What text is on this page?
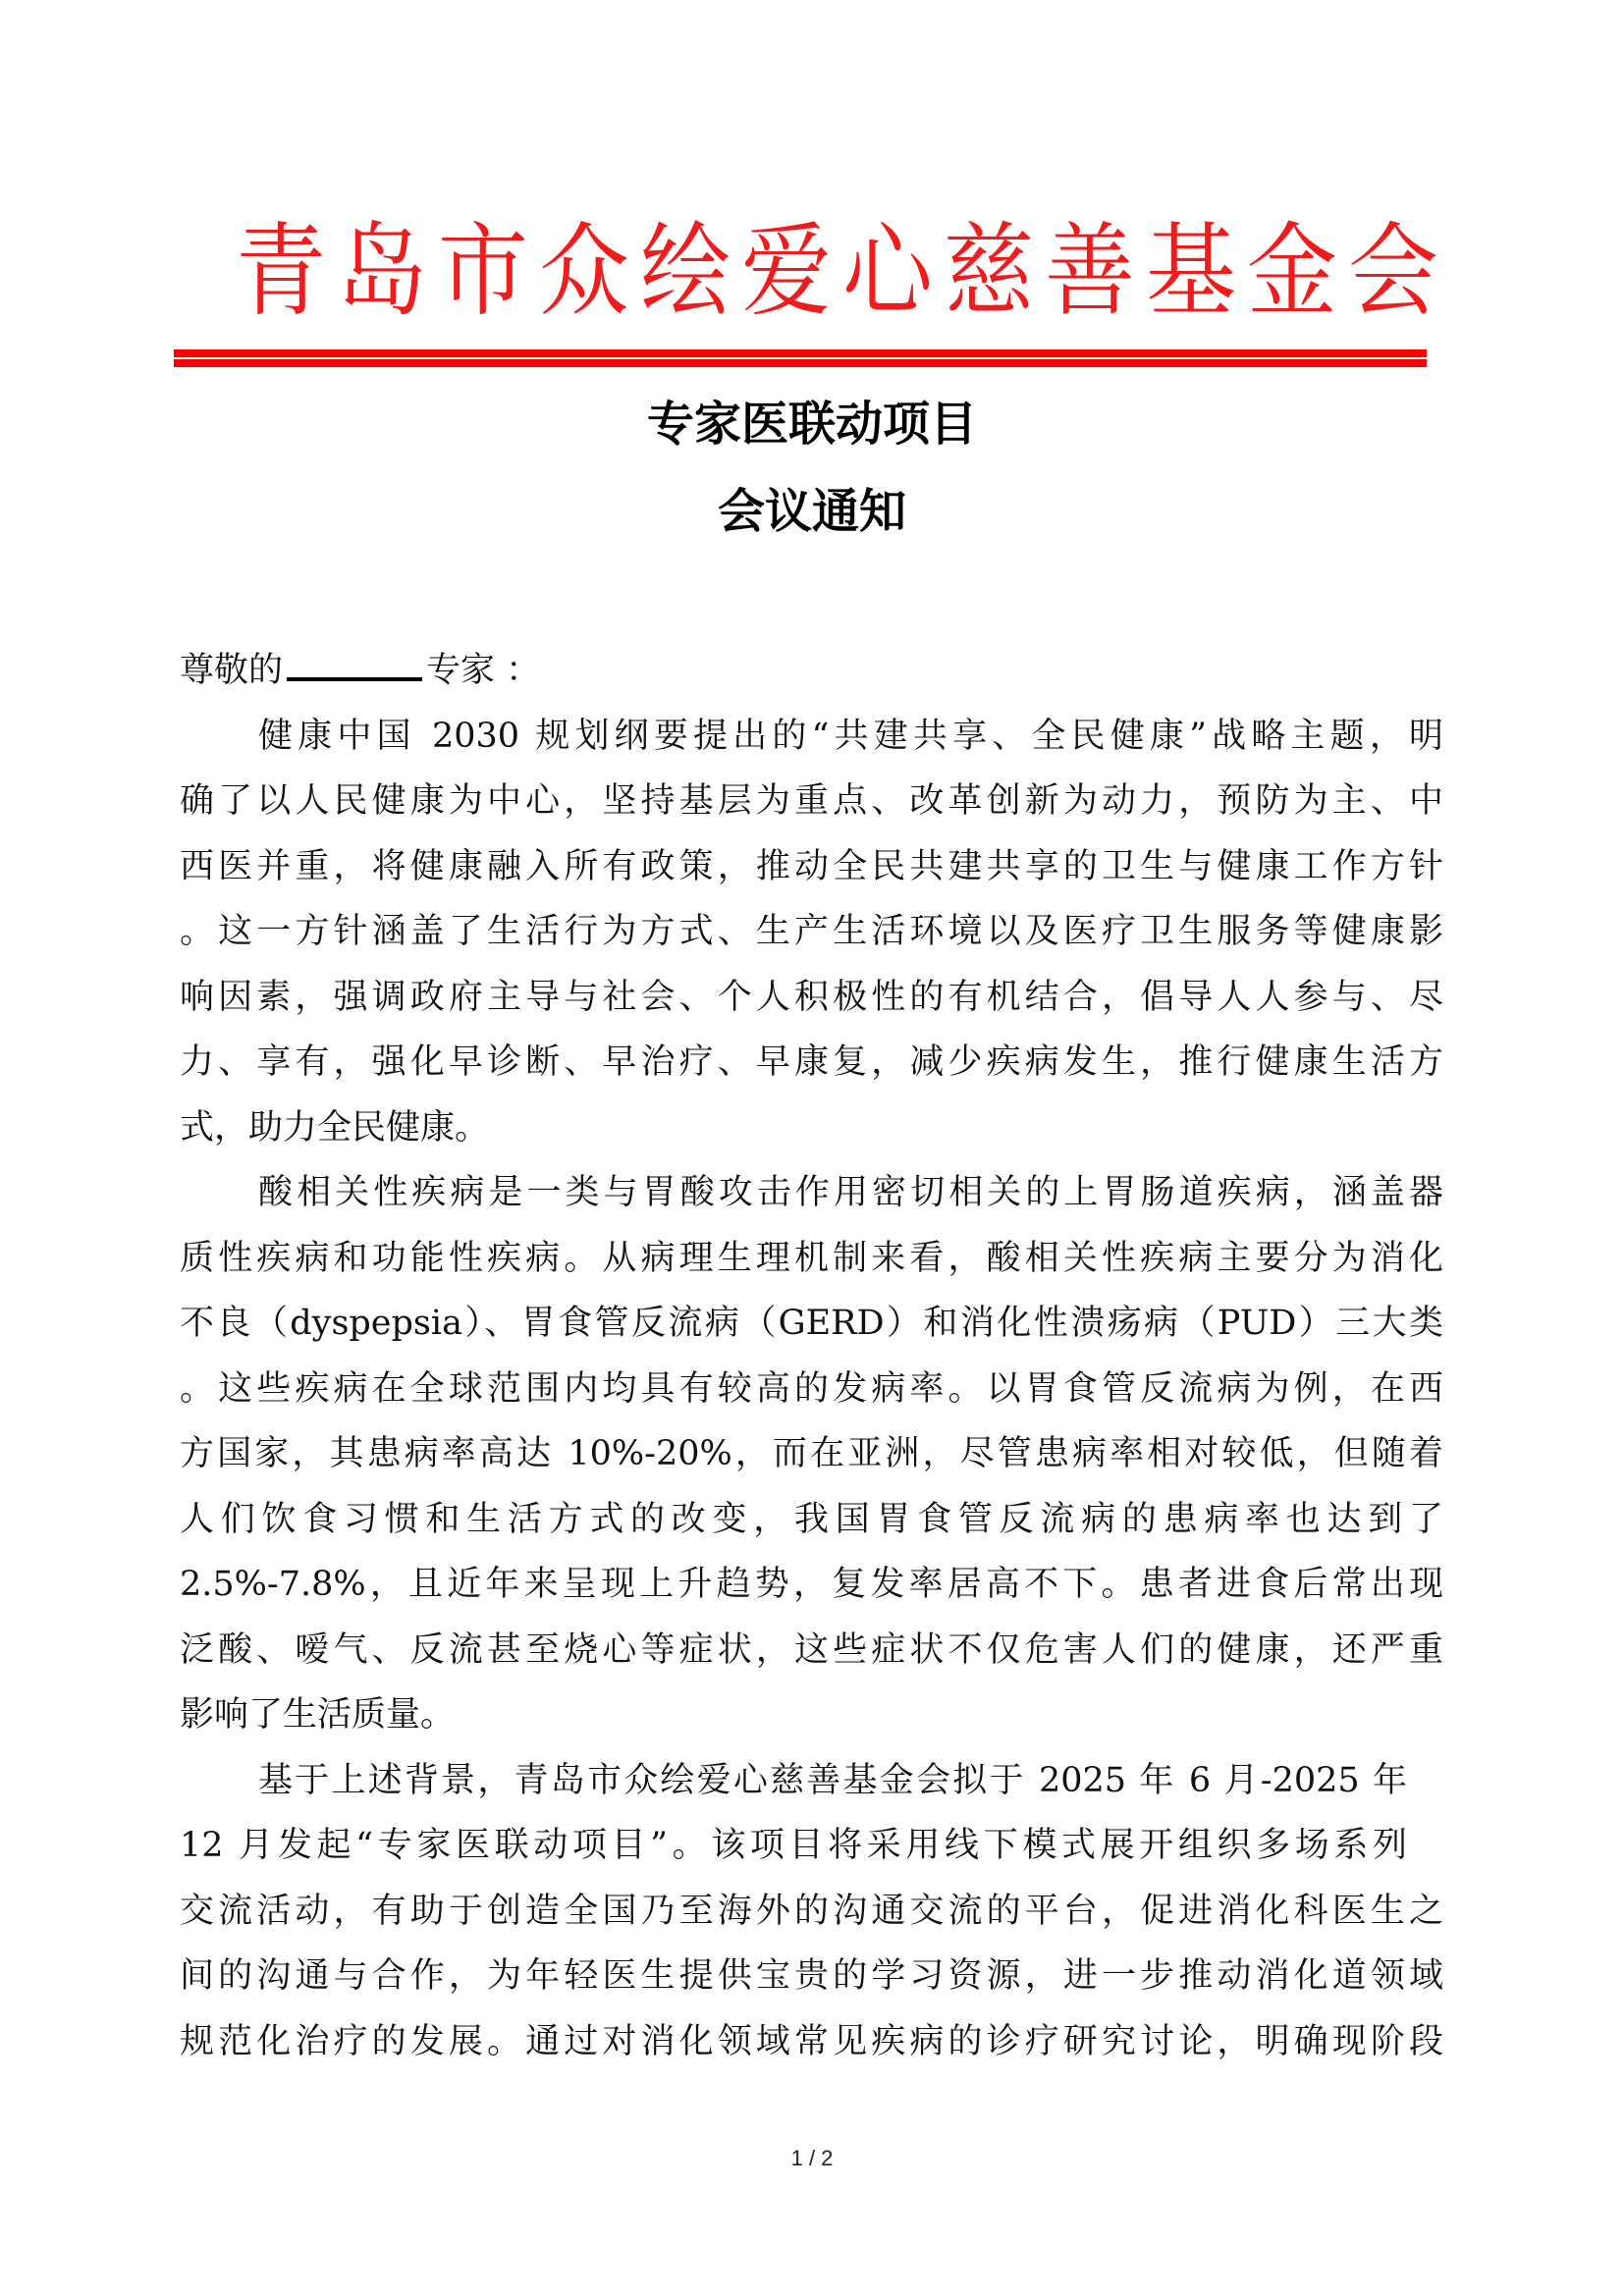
青岛市众绘爱心慈善基金会
专家医联动项目
会议通知
尊敬的	专家 ：
健康中国 2030 规划纲要提出的“共建共享、全民健康”战略主题，明
确了以人民健康为中心，坚持基层为重点、改革创新为动力，预防为主、中
西医并重，将健康融入所有政策，推动全民共建共享的卫生与健康工作方针
。这一方针涵盖了生活行为方式、生产生活环境以及医疗卫生服务等健康影
响因素，强调政府主导与社会、个人积极性的有机结合，倡导人人参与、尽
力、享有，强化早诊断、早治疗、早康复，减少疾病发生，推行健康生活方
式，助力全民健康。
酸相关性疾病是一类与胃酸攻击作用密切相关的上胃肠道疾病，涵盖器
质性疾病和功能性疾病。从病理生理机制来看，酸相关性疾病主要分为消化
不良（dyspepsia）、胃食管反流病（GERD）和消化性溃疡病（PUD）三大类
。这些疾病在全球范围内均具有较高的发病率。以胃食管反流病为例，在西
方国家，其患病率高达 10%-20%，而在亚洲，尽管患病率相对较低，但随着
人们饮食习惯和生活方式的改变，我国胃食管反流病的患病率也达到了
2.5%-7.8%，且近年来呈现上升趋势，复发率居高不下。患者进食后常出现
泛酸、嗳气、反流甚至烧心等症状，这些症状不仅危害人们的健康，还严重
影响了生活质量。
基于上述背景，青岛市众绘爱心慈善基金会拟于 2025 年 6 月-2025 年
12 月发起“专家医联动项目”。该项目将采用线下模式展开组织多场系列
交流活动，有助于创造全国乃至海外的沟通交流的平台，促进消化科医生之
间的沟通与合作，为年轻医生提供宝贵的学习资源，进一步推动消化道领域
规范化治疗的发展。通过对消化领域常见疾病的诊疗研究讨论，明确现阶段
1 / 2
